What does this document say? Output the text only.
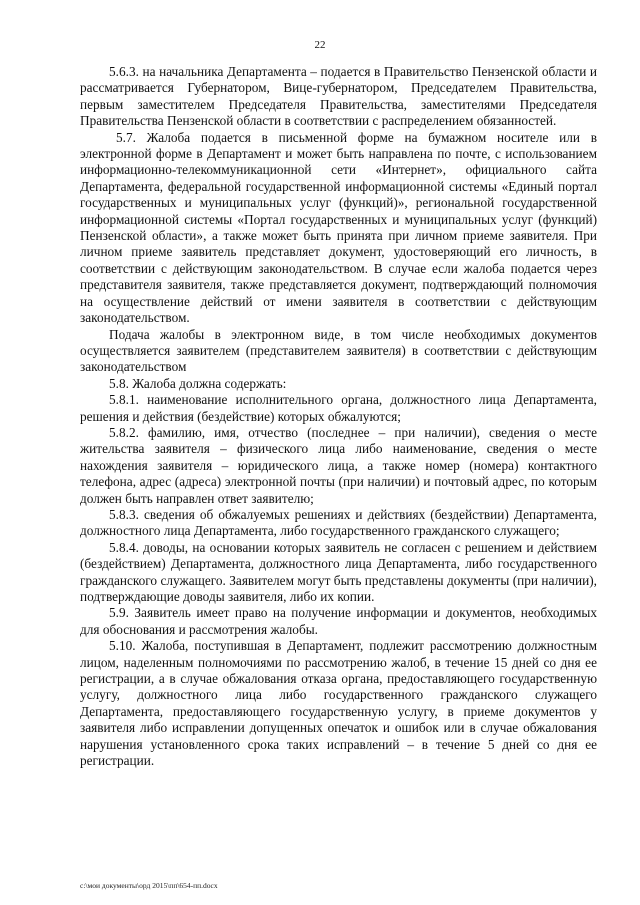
22

5.6.3. на начальника Департамента – подается в Правительство Пензенской области и рассматривается Губернатором, Вице-губернатором, Председателем Правительства, первым заместителем Председателя Правительства, заместителями Председателя Правительства Пензенской области в соответствии с распределением обязанностей.

5.7. Жалоба подается в письменной форме на бумажном носителе или в электронной форме в Департамент и может быть направлена по почте, с использованием информационно-телекоммуникационной сети «Интернет», официального сайта Департамента, федеральной государственной информационной системы «Единый портал государственных и муниципальных услуг (функций)», региональной государственной информационной системы «Портал государственных и муниципальных услуг (функций) Пензенской области», а также может быть принята при личном приеме заявителя. При личном приеме заявитель представляет документ, удостоверяющий его личность, в соответствии с действующим законодательством. В случае если жалоба подается через представителя заявителя, также представляется документ, подтверждающий полномочия на осуществление действий от имени заявителя в соответствии с действующим законодательством.

Подача жалобы в электронном виде, в том числе необходимых документов осуществляется заявителем (представителем заявителя) в соответствии с действующим законодательством

5.8. Жалоба должна содержать:

5.8.1. наименование исполнительного органа, должностного лица Департамента, решения и действия (бездействие) которых обжалуются;

5.8.2. фамилию, имя, отчество (последнее – при наличии), сведения о месте жительства заявителя – физического лица либо наименование, сведения о месте нахождения заявителя – юридического лица, а также номер (номера) контактного телефона, адрес (адреса) электронной почты (при наличии) и почтовый адрес, по которым должен быть направлен ответ заявителю;

5.8.3. сведения об обжалуемых решениях и действиях (бездействии) Департамента, должностного лица Департамента, либо государственного гражданского служащего;

5.8.4. доводы, на основании которых заявитель не согласен с решением и действием (бездействием) Департамента, должностного лица Департамента, либо государственного гражданского служащего. Заявителем могут быть представлены документы (при наличии), подтверждающие доводы заявителя, либо их копии.

5.9. Заявитель имеет право на получение информации и документов, необходимых для обоснования и рассмотрения жалобы.

5.10. Жалоба, поступившая в Департамент, подлежит рассмотрению должностным лицом, наделенным полномочиями по рассмотрению жалоб, в течение 15 дней со дня ее регистрации, а в случае обжалования отказа органа, предоставляющего государственную услугу, должностного лица либо государственного гражданского служащего Департамента, предоставляющего государственную услугу, в приеме документов у заявителя либо исправлении допущенных опечаток и ошибок или в случае обжалования нарушения установленного срока таких исправлений – в течение 5 дней со дня ее регистрации.

c:\мои документы\орд 2015\пп\654-пп.docx
